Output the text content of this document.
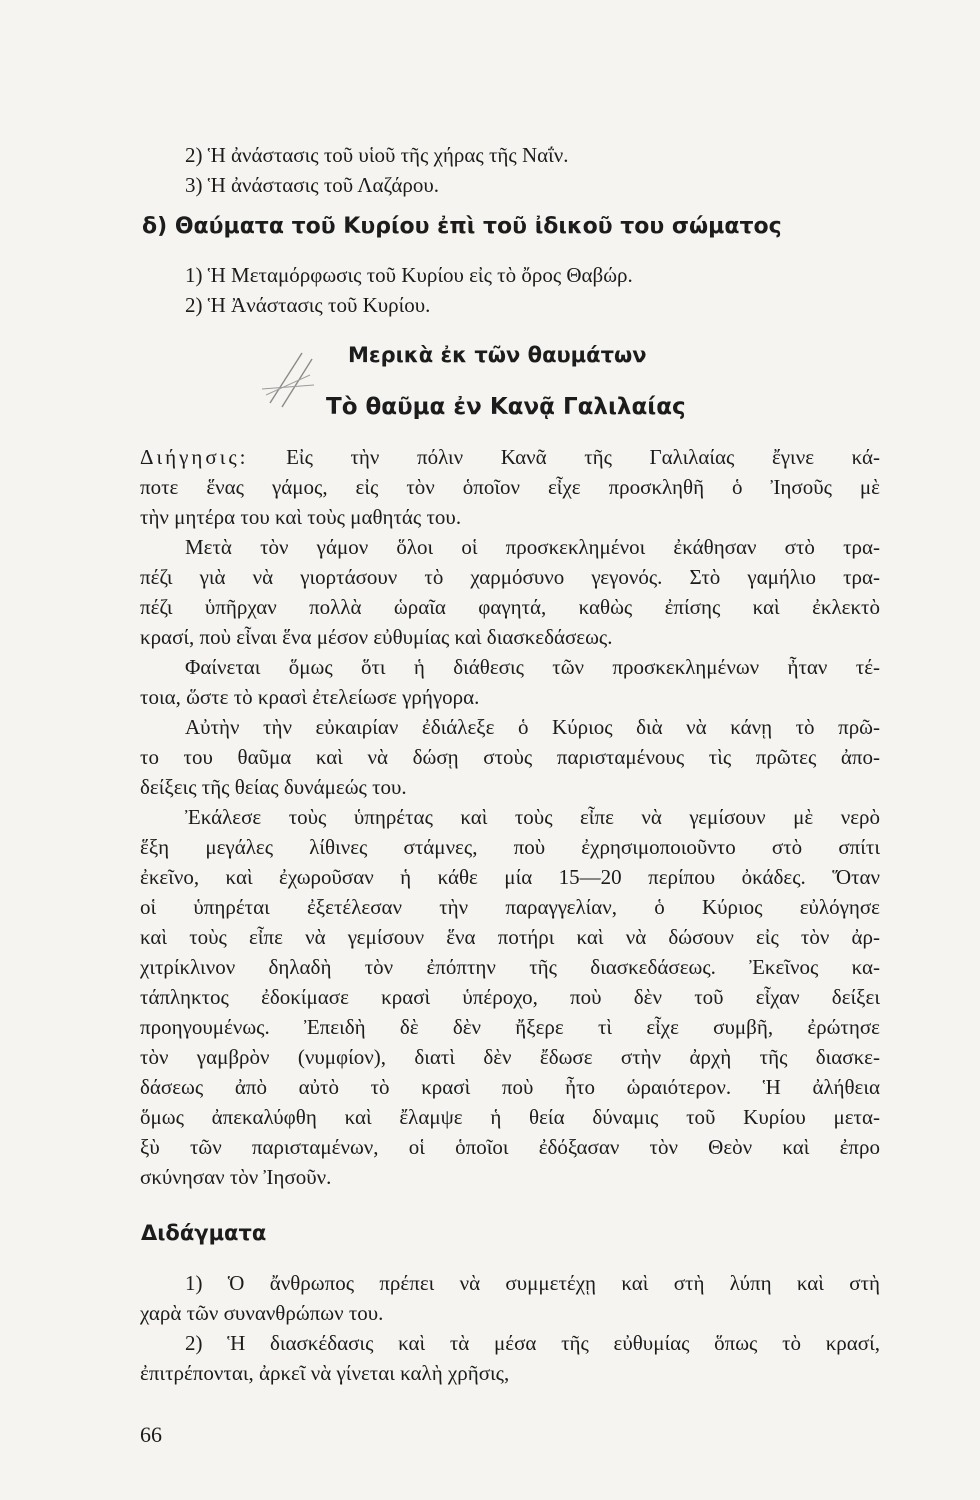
2) Ἡ ἀνάστασις τοῦ υἱοῦ τῆς χήρας τῆς Ναΐν.
3) Ἡ ἀνάστασις τοῦ Λαζάρου.
δ) Θαύματα τοῦ Κυρίου ἐπὶ τοῦ ἰδικοῦ του σώματος
1) Ἡ Μεταμόρφωσις τοῦ Κυρίου εἰς τὸ ὄρος Θαβώρ.
2) Ἡ Ἀνάστασις τοῦ Κυρίου.
Μερικὰ ἐκ τῶν θαυμάτων
Τὸ θαῦμα ἐν Κανᾷ Γαλιλαίας
Διήγησις: Εἰς τὴν πόλιν Κανᾶ τῆς Γαλιλαίας ἔγινε κά-
ποτε ἕνας γάμος, εἰς τὸν ὁποῖον εἶχε προσκληθῆ ὁ Ἰησοῦς μὲ
τὴν μητέρα του καὶ τοὺς μαθητάς του.
Μετὰ τὸν γάμον ὅλοι οἱ προσκεκλημένοι ἐκάθησαν στὸ τρα-
πέζι γιὰ νὰ γιορτάσουν τὸ χαρμόσυνο γεγονός. Στὸ γαμήλιο τρα-
πέζι ὑπῆρχαν πολλὰ ὡραῖα φαγητά, καθὼς ἐπίσης καὶ ἐκλεκτὸ
κρασί, ποὺ εἶναι ἕνα μέσον εὐθυμίας καὶ διασκεδάσεως.
Φαίνεται ὅμως ὅτι ἡ διάθεσις τῶν προσκεκλημένων ἦταν τέ-
τοια, ὥστε τὸ κρασὶ ἐτελείωσε γρήγορα.
Αὐτὴν τὴν εὐκαιρίαν ἐδιάλεξε ὁ Κύριος διὰ νὰ κάνῃ τὸ πρῶ-
το του θαῦμα καὶ νὰ δώσῃ στοὺς παρισταμένους τὶς πρῶτες ἀπο-
δείξεις τῆς θείας δυνάμεώς του.
Ἐκάλεσε τοὺς ὑπηρέτας καὶ τοὺς εἶπε νὰ γεμίσουν μὲ νερὸ
ἕξη μεγάλες λίθινες στάμνες, ποὺ ἐχρησιμοποιοῦντο στὸ σπίτι
ἐκεῖνο, καὶ ἐχωροῦσαν ἡ κάθε μία 15—20 περίπου ὀκάδες. Ὅταν
οἱ ὑπηρέται ἐξετέλεσαν τὴν παραγγελίαν, ὁ Κύριος εὐλόγησε
καὶ τοὺς εἶπε νὰ γεμίσουν ἕνα ποτήρι καὶ νὰ δώσουν εἰς τὸν ἀρ-
χιτρίκλινον δηλαδὴ τὸν ἐπόπτην τῆς διασκεδάσεως. Ἐκεῖνος κα-
τάπληκτος ἐδοκίμασε κρασὶ ὑπέροχο, ποὺ δὲν τοῦ εἶχαν δείξει
προηγουμένως. Ἐπειδὴ δὲ δὲν ἤξερε τὶ εἶχε συμβῆ, ἐρώτησε
τὸν γαμβρὸν (νυμφίον), διατὶ δὲν ἔδωσε στὴν ἀρχὴ τῆς διασκε-
δάσεως ἀπὸ αὐτὸ τὸ κρασὶ ποὺ ἦτο ὡραιότερον. Ἡ ἀλήθεια
ὅμως ἀπεκαλύφθη καὶ ἔλαμψε ἡ θεία δύναμις τοῦ Κυρίου μετα-
ξὺ τῶν παρισταμένων, οἱ ὁποῖοι ἐδόξασαν τὸν Θεὸν καὶ ἐπρο
σκύνησαν τὸν Ἰησοῦν.
Διδάγματα
1) Ὁ ἄνθρωπος πρέπει νὰ συμμετέχῃ καὶ στὴ λύπη καὶ στὴ
χαρὰ τῶν συνανθρώπων του.
2) Ἡ διασκέδασις καὶ τὰ μέσα τῆς εὐθυμίας ὅπως τὸ κρασί,
ἐπιτρέπονται, ἀρκεῖ νὰ γίνεται καλὴ χρῆσις,
66
